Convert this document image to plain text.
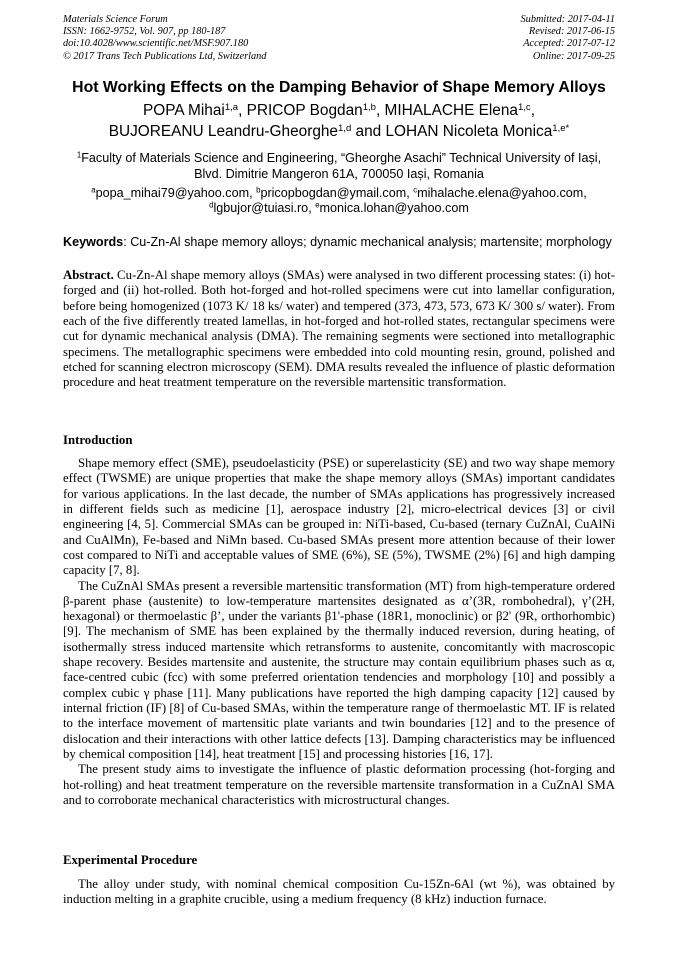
Materials Science Forum
ISSN: 1662-9752, Vol. 907, pp 180-187
doi:10.4028/www.scientific.net/MSF.907.180
© 2017 Trans Tech Publications Ltd, Switzerland
Submitted: 2017-04-11
Revised: 2017-06-15
Accepted: 2017-07-12
Online: 2017-09-25
Hot Working Effects on the Damping Behavior of Shape Memory Alloys
POPA Mihai$^{1,a}$, PRICOP Bogdan$^{1,b}$, MIHALACHE Elena$^{1,c}$,
BUJOREANU Leandru-Gheorghe$^{1,d}$ and LOHAN Nicoleta Monica$^{1,e*}$
$^1$Faculty of Materials Science and Engineering, “Gheorghe Asachi” Technical University of Iași,
Blvd. Dimitrie Mangeron 61A, 700050 Iași, Romania
$^a$popa_mihai79@yahoo.com, $^b$pricopbogdan@ymail.com, $^c$mihalache.elena@yahoo.com,
$^d$lgbujor@tuiasi.ro, $^e$monica.lohan@yahoo.com
Keywords: Cu-Zn-Al shape memory alloys; dynamic mechanical analysis; martensite; morphology
Abstract. Cu-Zn-Al shape memory alloys (SMAs) were analysed in two different processing states: (i) hot-forged and (ii) hot-rolled. Both hot-forged and hot-rolled specimens were cut into lamellar configuration, before being homogenized (1073 K/ 18 ks/ water) and tempered (373, 473, 573, 673 K/ 300 s/ water). From each of the five differently treated lamellas, in hot-forged and hot-rolled states, rectangular specimens were cut for dynamic mechanical analysis (DMA). The remaining segments were sectioned into metallographic specimens. The metallographic specimens were embedded into cold mounting resin, ground, polished and etched for scanning electron microscopy (SEM). DMA results revealed the influence of plastic deformation procedure and heat treatment temperature on the reversible martensitic transformation.
Introduction

Shape memory effect (SME), pseudoelasticity (PSE) or superelasticity (SE) and two way shape memory effect (TWSME) are unique properties that make the shape memory alloys (SMAs) important candidates for various applications. In the last decade, the number of SMAs applications has progressively increased in different fields such as medicine [1], aerospace industry [2], micro-electrical devices [3] or civil engineering [4, 5]. Commercial SMAs can be grouped in: NiTi-based, Cu-based (ternary CuZnAl, CuAlNi and CuAlMn), Fe-based and NiMn based. Cu-based SMAs present more attention because of their lower cost compared to NiTi and acceptable values of SME (6%), SE (5%), TWSME (2%) [6] and high damping capacity [7, 8].

The CuZnAl SMAs present a reversible martensitic transformation (MT) from high-temperature ordered β-parent phase (austenite) to low-temperature martensites designated as α’(3R, rombohedral), γ’(2H, hexagonal) or thermoelastic β’, under the variants β1'-phase (18R1, monoclinic) or β2' (9R, orthorhombic) [9]. The mechanism of SME has been explained by the thermally induced reversion, during heating, of isothermally stress induced martensite which retransforms to austenite, concomitantly with macroscopic shape recovery. Besides martensite and austenite, the structure may contain equilibrium phases such as α, face-centred cubic (fcc) with some preferred orientation tendencies and morphology [10] and possibly a complex cubic γ phase [11]. Many publications have reported the high damping capacity [12] caused by internal friction (IF) [8] of Cu-based SMAs, within the temperature range of thermoelastic MT. IF is related to the interface movement of martensitic plate variants and twin boundaries [12] and to the presence of dislocation and their interactions with other lattice defects [13]. Damping characteristics may be influenced by chemical composition [14], heat treatment [15] and processing histories [16, 17].

The present study aims to investigate the influence of plastic deformation processing (hot-forging and hot-rolling) and heat treatment temperature on the reversible martensite transformation in a CuZnAl SMA and to corroborate mechanical characteristics with microstructural changes.

Experimental Procedure

The alloy under study, with nominal chemical composition Cu-15Zn-6Al (wt %), was obtained by induction melting in a graphite crucible, using a medium frequency (8 kHz) induction furnace.
